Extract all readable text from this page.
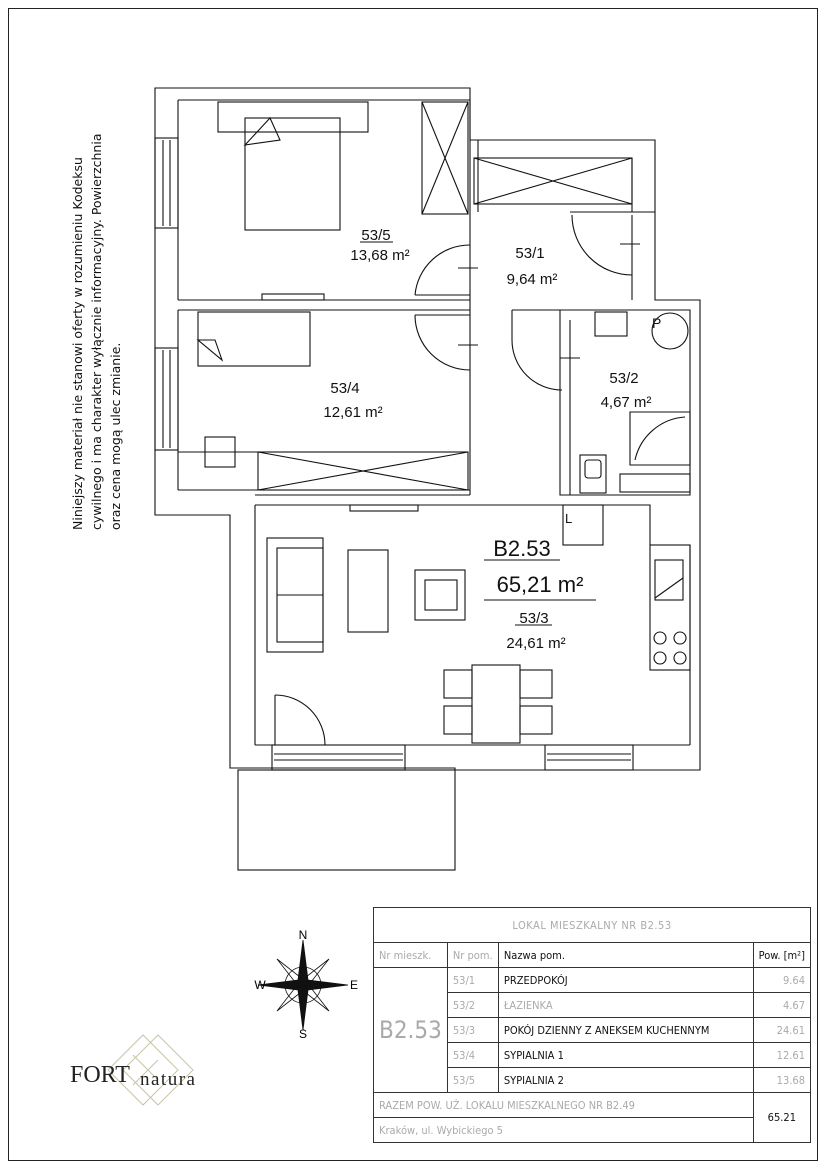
Niniejszy materiał nie stanowi oferty w rozumieniu Kodeksu cywilnego i ma charakter wyłącznie informacyjny. Powierzchnia oraz cena mogą ulec zmianie.
53/5
13,68 m²	53/1
9,64 m²
53/4
12,61 m²
53/2
4,67 m²
53/3
24,61 m²
B2.53
65,21 m²
P
L
N
S
E
W
FORT natura
LOKAL MIESZKALNY NR B2.53			
Nr mieszk.	Nr pom.	Nazwa pom.	Pow. [m²]
B2.53	53/1	PRZEDPOKÓJ	9.64
	53/2	ŁAZIENKA	4.67
	53/3	POKÓJ DZIENNY Z ANEKSEM KUCHENNYM	24.61
	53/4	SYPIALNIA 1	12.61
	53/5	SYPIALNIA 2	13.68
RAZEM POW. UŻ. LOKALU MIESZKALNEGO NR B2.49			65.21
Kraków, ul. Wybickiego 5			
